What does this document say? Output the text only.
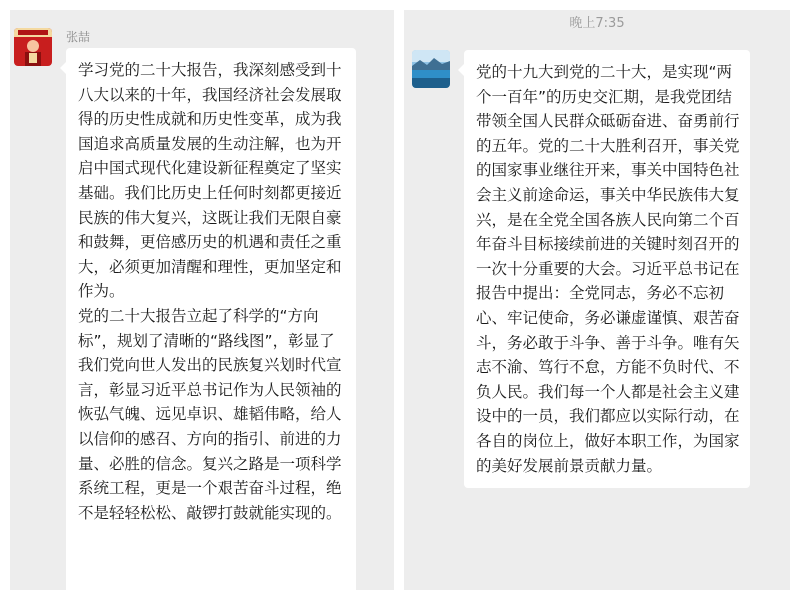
张喆

学习党的二十大报告，我深刻感受到十八大以来的十年，我国经济社会发展取得的历史性成就和历史性变革，成为我国追求高质量发展的生动注解，也为开启中国式现代化建设新征程奠定了坚实基础。我们比历史上任何时刻都更接近民族的伟大复兴，这既让我们无限自豪和鼓舞，更倍感历史的机遇和责任之重大，必须更加清醒和理性，更加坚定和作为。

党的二十大报告立起了科学的“方向标”，规划了清晰的“路线图”，彰显了我们党向世人发出的民族复兴划时代宣言，彰显习近平总书记作为人民领袖的恢弘气魄、远见卓识、雄韬伟略，给人以信仰的感召、方向的指引、前进的力量、必胜的信念。复兴之路是一项科学系统工程，更是一个艰苦奋斗过程，绝不是轻轻松松、敲锣打鼓就能实现的。

晚上7:35

党的十九大到党的二十大，是实现“两个一百年”的历史交汇期，是我党团结带领全国人民群众砥砺奋进、奋勇前行的五年。党的二十大胜利召开，事关党的国家事业继往开来，事关中国特色社会主义前途命运，事关中华民族伟大复兴，是在全党全国各族人民向第二个百年奋斗目标接续前进的关键时刻召开的一次十分重要的大会。习近平总书记在报告中提出：全党同志，务必不忘初心、牢记使命，务必谦虚谨慎、艰苦奋斗，务必敢于斗争、善于斗争。唯有矢志不渝、笃行不怠，方能不负时代、不负人民。我们每一个人都是社会主义建设中的一员，我们都应以实际行动，在各自的岗位上，做好本职工作，为国家的美好发展前景贡献力量。
